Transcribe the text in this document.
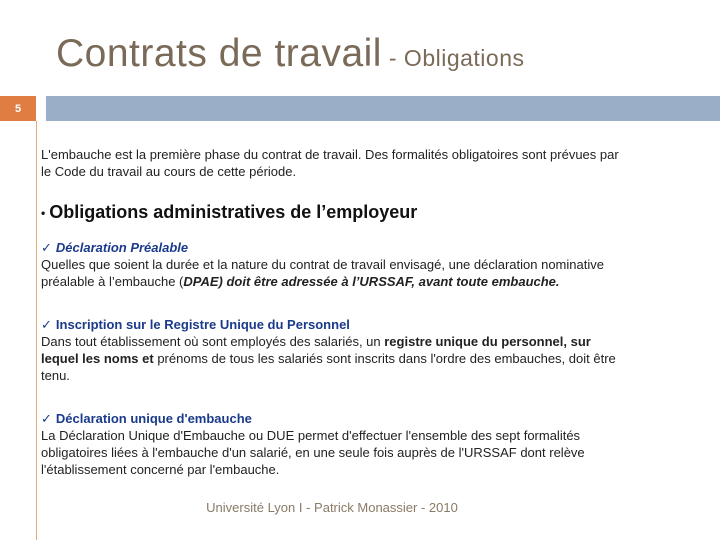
Contrats de travail - Obligations
5

L'embauche est la première phase du contrat de travail. Des formalités obligatoires sont prévues par le Code du travail au cours de cette période.

• Obligations administratives de l’employeur

✓ Déclaration Préalable

Quelles que soient la durée et la nature du contrat de travail envisagé, une déclaration nominative préalable à l’embauche (DPAE) doit être adressée à l’URSSAF, avant toute embauche.

✓ Inscription sur le Registre Unique du Personnel

Dans tout établissement où sont employés des salariés, un registre unique du personnel, sur lequel les noms et prénoms de tous les salariés sont inscrits dans l'ordre des embauches, doit être tenu.

✓ Déclaration unique d'embauche

La Déclaration Unique d'Embauche ou DUE permet d'effectuer l'ensemble des sept formalités obligatoires liées à l'embauche d'un salarié, en une seule fois auprès de l'URSSAF dont relève l'établissement concerné par l'embauche.

Université Lyon I - Patrick Monassier - 2010
